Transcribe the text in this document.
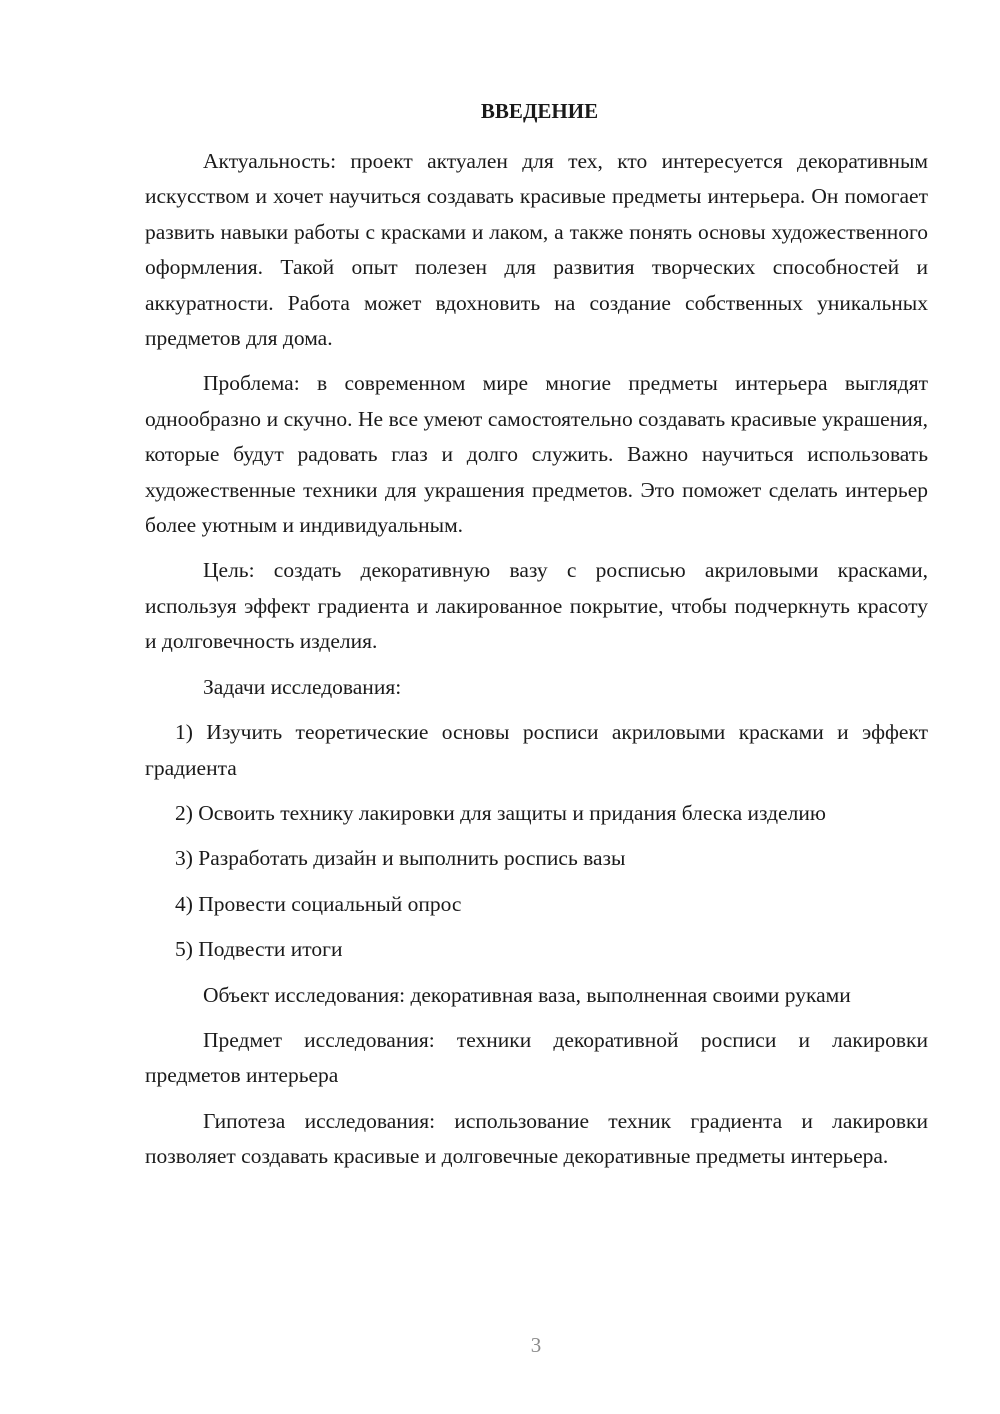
ВВЕДЕНИЕ

Актуальность: проект актуален для тех, кто интересуется декоративным искусством и хочет научиться создавать красивые предметы интерьера. Он помогает развить навыки работы с красками и лаком, а также понять основы художественного оформления. Такой опыт полезен для развития творческих способностей и аккуратности. Работа может вдохновить на создание собственных уникальных предметов для дома.

Проблема: в современном мире многие предметы интерьера выглядят однообразно и скучно. Не все умеют самостоятельно создавать красивые украшения, которые будут радовать глаз и долго служить. Важно научиться использовать художественные техники для украшения предметов. Это поможет сделать интерьер более уютным и индивидуальным.

Цель: создать декоративную вазу с росписью акриловыми красками, используя эффект градиента и лакированное покрытие, чтобы подчеркнуть красоту и долговечность изделия.

Задачи исследования:

1) Изучить теоретические основы росписи акриловыми красками и эффект градиента

2) Освоить технику лакировки для защиты и придания блеска изделию

3) Разработать дизайн и выполнить роспись вазы

4) Провести социальный опрос

5) Подвести итоги

Объект исследования: декоративная ваза, выполненная своими руками

Предмет исследования: техники декоративной росписи и лакировки предметов интерьера

Гипотеза исследования: использование техник градиента и лакировки позволяет создавать красивые и долговечные декоративные предметы интерьера.

3
